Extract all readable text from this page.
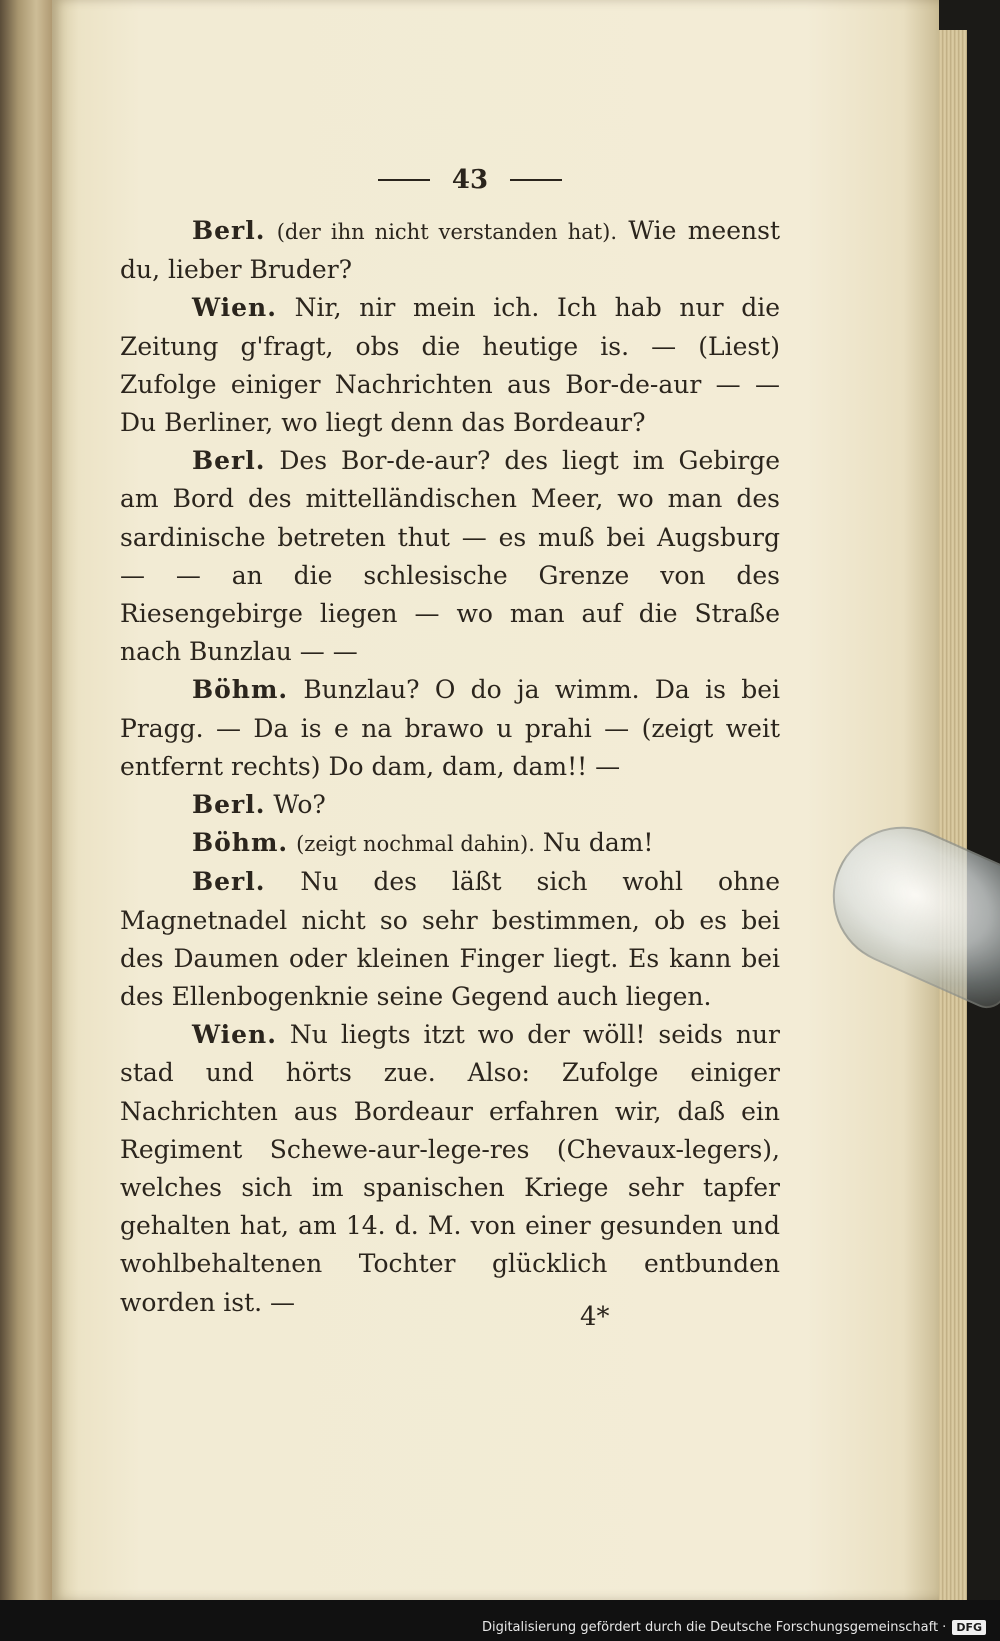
43

Berl. (der ihn nicht verstanden hat). Wie meenst du, lieber Bruder?

Wien. Nir, nir mein ich. Ich hab nur die Zeitung g'fragt, obs die heutige is. — (Liest) Zufolge einiger Nachrichten aus Bor-de-aur — — Du Berliner, wo liegt denn das Bordeaur?

Berl. Des Bor-de-aur? des liegt im Gebirge am Bord des mittelländischen Meer, wo man des sardinische betreten thut — es muß bei Augsburg — — an die schlesische Grenze von des Riesengebirge liegen — wo man auf die Straße nach Bunzlau — —

Böhm. Bunzlau? O do ja wimm. Da is bei Pragg. — Da is e na brawo u prahi — (zeigt weit entfernt rechts) Do dam, dam, dam!! —

Berl. Wo?

Böhm. (zeigt nochmal dahin). Nu dam!

Berl. Nu des läßt sich wohl ohne Magnetnadel nicht so sehr bestimmen, ob es bei des Daumen oder kleinen Finger liegt. Es kann bei des Ellenbogenknie seine Gegend auch liegen.

Wien. Nu liegts itzt wo der wöll! seids nur stad und hörts zue. Also: Zufolge einiger Nachrichten aus Bordeaur erfahren wir, daß ein Regiment Schewe-aur-lege-res (Chevaux-legers), welches sich im spanischen Kriege sehr tapfer gehalten hat, am 14. d. M. von einer gesunden und wohlbehaltenen Tochter glücklich entbunden worden ist. —	4*
Digitalisierung gefördert durch die Deutsche Forschungsgemeinschaft · DFG
